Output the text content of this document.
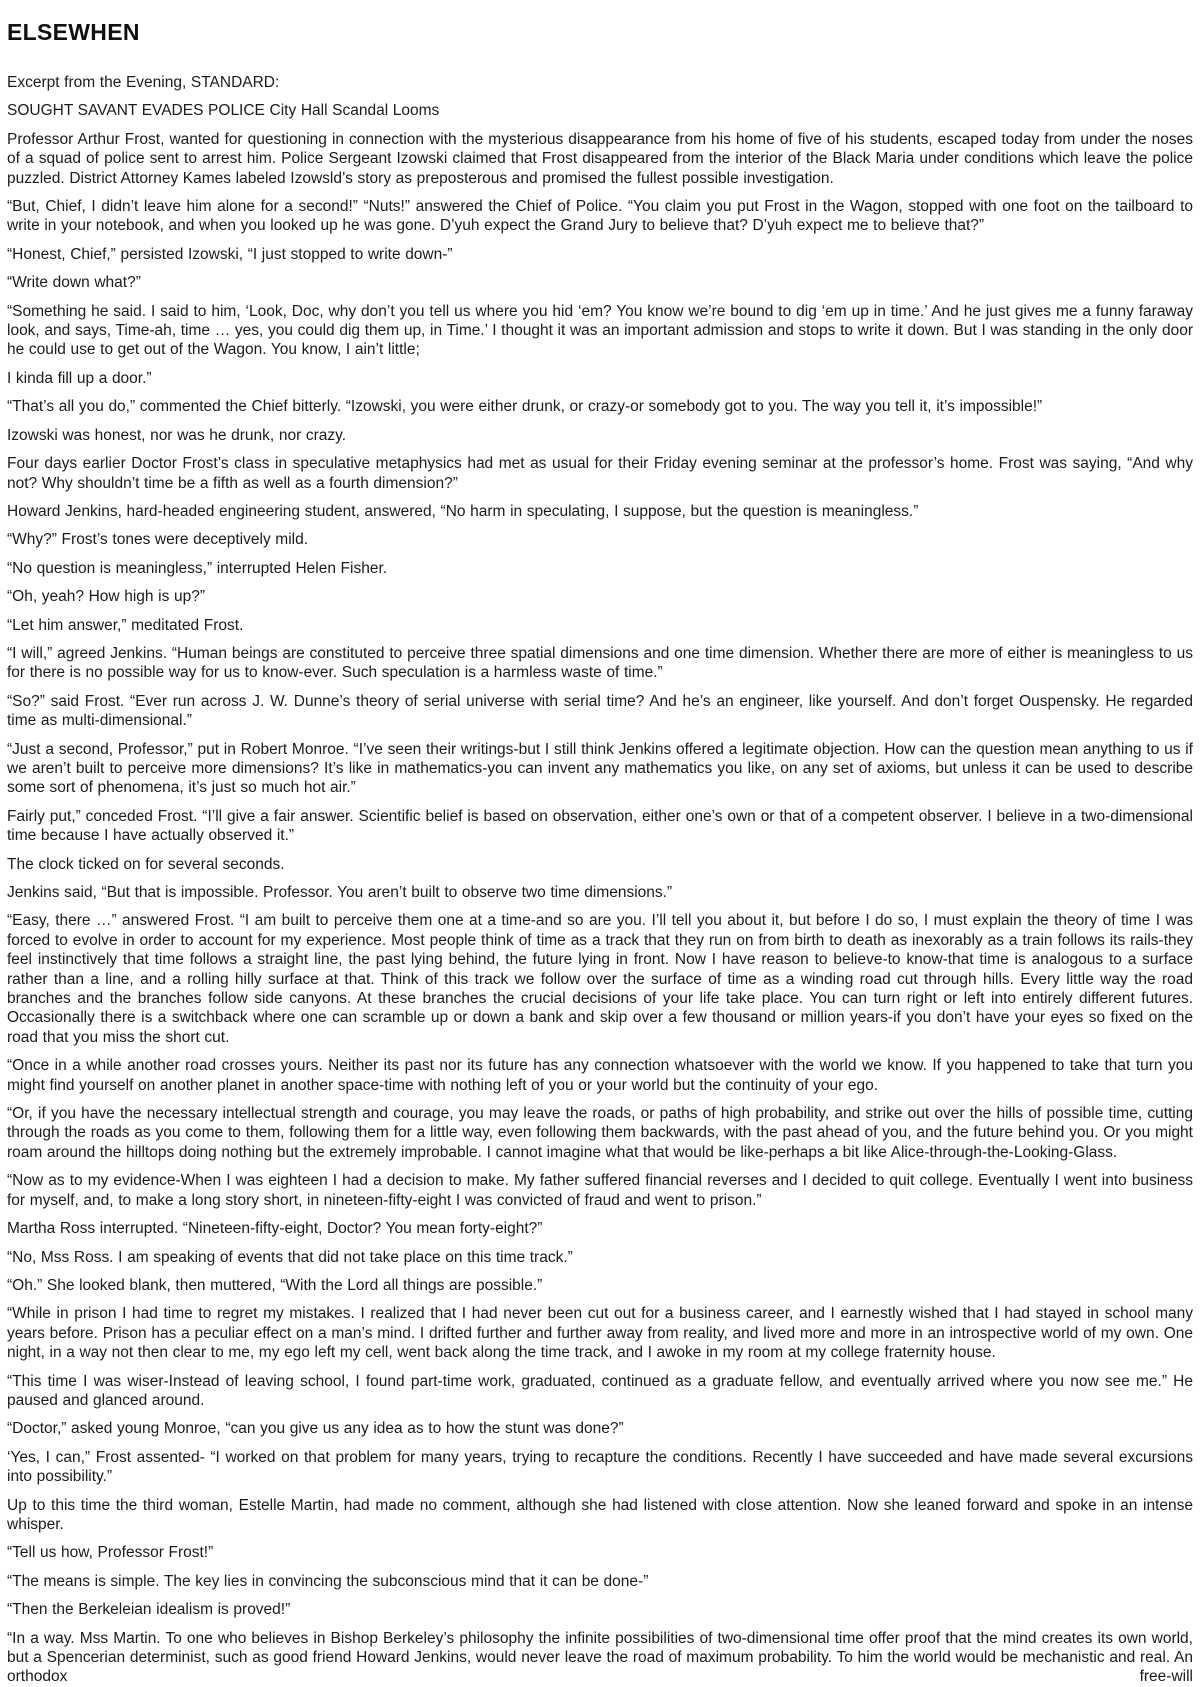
ELSEWHEN

Excerpt from the Evening, STANDARD:

SOUGHT SAVANT EVADES POLICE City Hall Scandal Looms

Professor Arthur Frost, wanted for questioning in connection with the mysterious disappearance from his home of five of his students, escaped today from under the noses of a squad of police sent to arrest him. Police Sergeant Izowski claimed that Frost disappeared from the interior of the Black Maria under conditions which leave the police puzzled. District Attorney Kames labeled Izowsld’s story as preposterous and promised the fullest possible investigation.

“But, Chief, I didn’t leave him alone for a second!” “Nuts!” answered the Chief of Police. “You claim you put Frost in the Wagon, stopped with one foot on the tailboard to write in your notebook, and when you looked up he was gone. D’yuh expect the Grand Jury to believe that? D’yuh expect me to believe that?”

“Honest, Chief,” persisted Izowski, “I just stopped to write down-”

“Write down what?”

“Something he said. I said to him, ‘Look, Doc, why don’t you tell us where you hid ‘em? You know we’re bound to dig ‘em up in time.’ And he just gives me a funny faraway look, and says, Time-ah, time … yes, you could dig them up, in Time.’ I thought it was an important admission and stops to write it down. But I was standing in the only door he could use to get out of the Wagon. You know, I ain’t little;

I kinda fill up a door.”

“That’s all you do,” commented the Chief bitterly. “Izowski, you were either drunk, or crazy-or somebody got to you. The way you tell it, it’s impossible!”

Izowski was honest, nor was he drunk, nor crazy.

Four days earlier Doctor Frost’s class in speculative metaphysics had met as usual for their Friday evening seminar at the professor’s home. Frost was saying, “And why not? Why shouldn’t time be a fifth as well as a fourth dimension?”

Howard Jenkins, hard-headed engineering student, answered, “No harm in speculating, I suppose, but the question is meaningless.”

“Why?” Frost’s tones were deceptively mild.

“No question is meaningless,” interrupted Helen Fisher.

“Oh, yeah? How high is up?”

“Let him answer,” meditated Frost.

“I will,” agreed Jenkins. “Human beings are constituted to perceive three spatial dimensions and one time dimension. Whether there are more of either is meaningless to us for there is no possible way for us to know-ever. Such speculation is a harmless waste of time.”

“So?” said Frost. “Ever run across J. W. Dunne’s theory of serial universe with serial time? And he’s an engineer, like yourself. And don’t forget Ouspensky. He regarded time as multi-dimensional.”

“Just a second, Professor,” put in Robert Monroe. “I’ve seen their writings-but I still think Jenkins offered a legitimate objection. How can the question mean anything to us if we aren’t built to perceive more dimensions? It’s like in mathematics-you can invent any mathematics you like, on any set of axioms, but unless it can be used to describe some sort of phenomena, it’s just so much hot air.”

Fairly put,” conceded Frost. “I’ll give a fair answer. Scientific belief is based on observation, either one’s own or that of a competent observer. I believe in a two-dimensional time because I have actually observed it.”

The clock ticked on for several seconds.

Jenkins said, “But that is impossible. Professor. You aren’t built to observe two time dimensions.”

“Easy, there …” answered Frost. “I am built to perceive them one at a time-and so are you. I’ll tell you about it, but before I do so, I must explain the theory of time I was forced to evolve in order to account for my experience. Most people think of time as a track that they run on from birth to death as inexorably as a train follows its rails-they feel instinctively that time follows a straight line, the past lying behind, the future lying in front. Now I have reason to believe-to know-that time is analogous to a surface rather than a line, and a rolling hilly surface at that. Think of this track we follow over the surface of time as a winding road cut through hills. Every little way the road branches and the branches follow side canyons. At these branches the crucial decisions of your life take place. You can turn right or left into entirely different futures. Occasionally there is a switchback where one can scramble up or down a bank and skip over a few thousand or million years-if you don’t have your eyes so fixed on the road that you miss the short cut.

“Once in a while another road crosses yours. Neither its past nor its future has any connection whatsoever with the world we know. If you happened to take that turn you might find yourself on another planet in another space-time with nothing left of you or your world but the continuity of your ego.

“Or, if you have the necessary intellectual strength and courage, you may leave the roads, or paths of high probability, and strike out over the hills of possible time, cutting through the roads as you come to them, following them for a little way, even following them backwards, with the past ahead of you, and the future behind you. Or you might roam around the hilltops doing nothing but the extremely improbable. I cannot imagine what that would be like-perhaps a bit like Alice-through-the-Looking-Glass.

“Now as to my evidence-When I was eighteen I had a decision to make. My father suffered financial reverses and I decided to quit college. Eventually I went into business for myself, and, to make a long story short, in nineteen-fifty-eight I was convicted of fraud and went to prison.”

Martha Ross interrupted. “Nineteen-fifty-eight, Doctor? You mean forty-eight?”

“No, Mss Ross. I am speaking of events that did not take place on this time track.”

“Oh.” She looked blank, then muttered, “With the Lord all things are possible.”

“While in prison I had time to regret my mistakes. I realized that I had never been cut out for a business career, and I earnestly wished that I had stayed in school many years before. Prison has a peculiar effect on a man’s mind. I drifted further and further away from reality, and lived more and more in an introspective world of my own. One night, in a way not then clear to me, my ego left my cell, went back along the time track, and I awoke in my room at my college fraternity house.

“This time I was wiser-Instead of leaving school, I found part-time work, graduated, continued as a graduate fellow, and eventually arrived where you now see me.” He paused and glanced around.

“Doctor,” asked young Monroe, “can you give us any idea as to how the stunt was done?”

‘Yes, I can,” Frost assented- “I worked on that problem for many years, trying to recapture the conditions. Recently I have succeeded and have made several excursions into possibility.”

Up to this time the third woman, Estelle Martin, had made no comment, although she had listened with close attention. Now she leaned forward and spoke in an intense whisper.

“Tell us how, Professor Frost!”

“The means is simple. The key lies in convincing the subconscious mind that it can be done-”

“Then the Berkeleian idealism is proved!”

“In a way. Mss Martin. To one who believes in Bishop Berkeley’s philosophy the infinite possibilities of two-dimensional time offer proof that the mind creates its own world, but a Spencerian determinist, such as good friend Howard Jenkins, would never leave the road of maximum probability. To him the world would be mechanistic and real. An orthodox free-will
